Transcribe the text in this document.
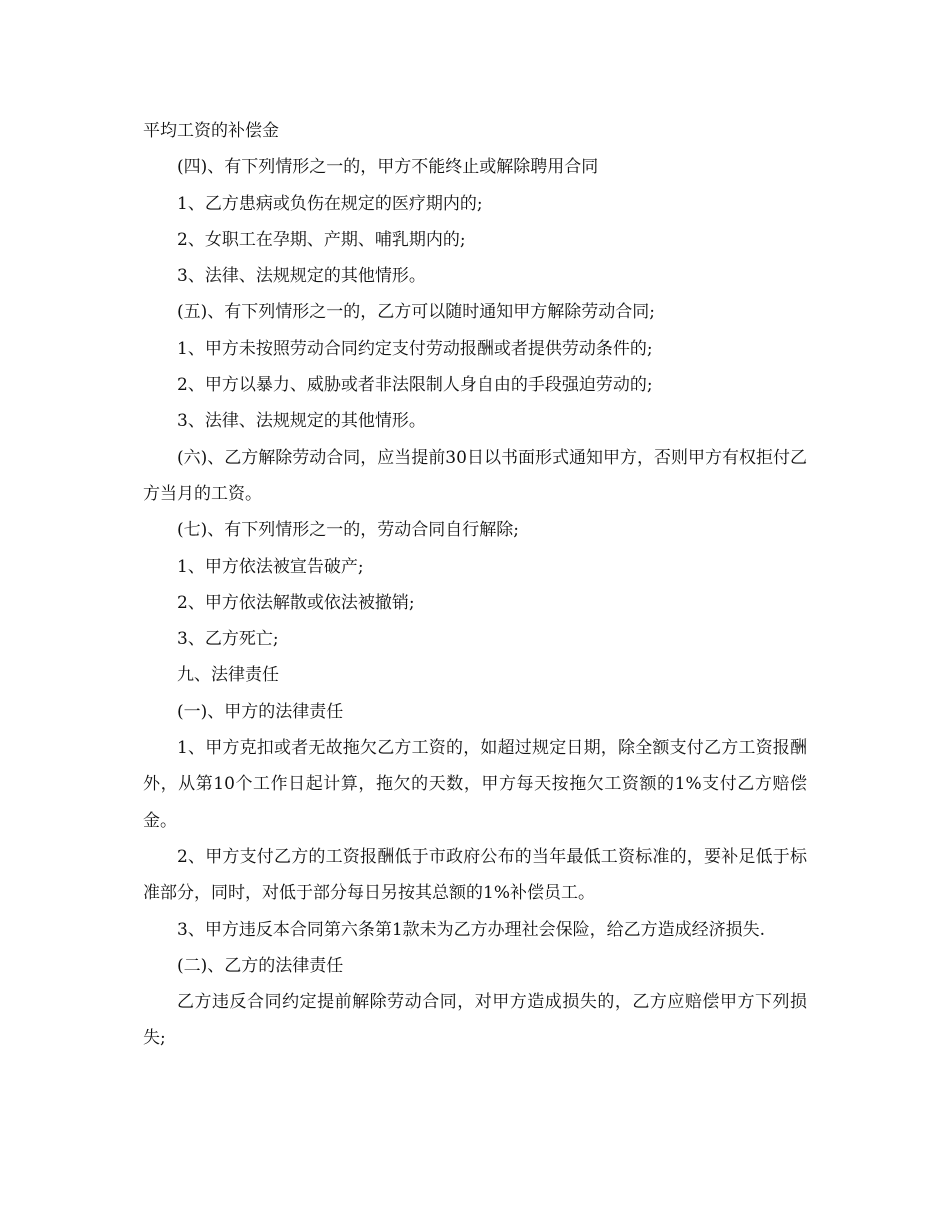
平均工资的补偿金

(四)、有下列情形之一的，甲方不能终止或解除聘用合同

1、乙方患病或负伤在规定的医疗期内的;

2、女职工在孕期、产期、哺乳期内的;

3、法律、法规规定的其他情形。

(五)、有下列情形之一的，乙方可以随时通知甲方解除劳动合同;

1、甲方未按照劳动合同约定支付劳动报酬或者提供劳动条件的;

2、甲方以暴力、威胁或者非法限制人身自由的手段强迫劳动的;

3、法律、法规规定的其他情形。

(六)、乙方解除劳动合同，应当提前30日以书面形式通知甲方，否则甲方有权拒付乙方当月的工资。

(七)、有下列情形之一的，劳动合同自行解除;

1、甲方依法被宣告破产;

2、甲方依法解散或依法被撤销;

3、乙方死亡;

九、法律责任

(一)、甲方的法律责任

1、甲方克扣或者无故拖欠乙方工资的，如超过规定日期，除全额支付乙方工资报酬外，从第10个工作日起计算，拖欠的天数，甲方每天按拖欠工资额的1%支付乙方赔偿金。

2、甲方支付乙方的工资报酬低于市政府公布的当年最低工资标准的，要补足低于标准部分，同时，对低于部分每日另按其总额的1%补偿员工。

3、甲方违反本合同第六条第1款未为乙方办理社会保险，给乙方造成经济损失.

(二)、乙方的法律责任

乙方违反合同约定提前解除劳动合同，对甲方造成损失的，乙方应赔偿甲方下列损失;
